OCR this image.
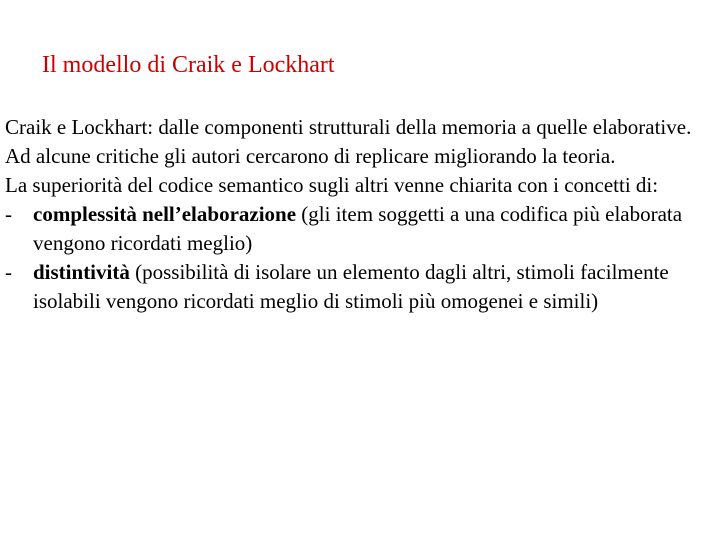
Il modello di Craik e Lockhart

Craik e Lockhart: dalle componenti strutturali della memoria a quelle elaborative.

Ad alcune critiche gli autori cercarono di replicare migliorando la teoria.

La superiorità del codice semantico sugli altri venne chiarita con i concetti di:

- complessità nell’elaborazione (gli item soggetti a una codifica più elaborata vengono ricordati meglio)

- distintività (possibilità di isolare un elemento dagli altri, stimoli facilmente isolabili vengono ricordati meglio di stimoli più omogenei e simili)
